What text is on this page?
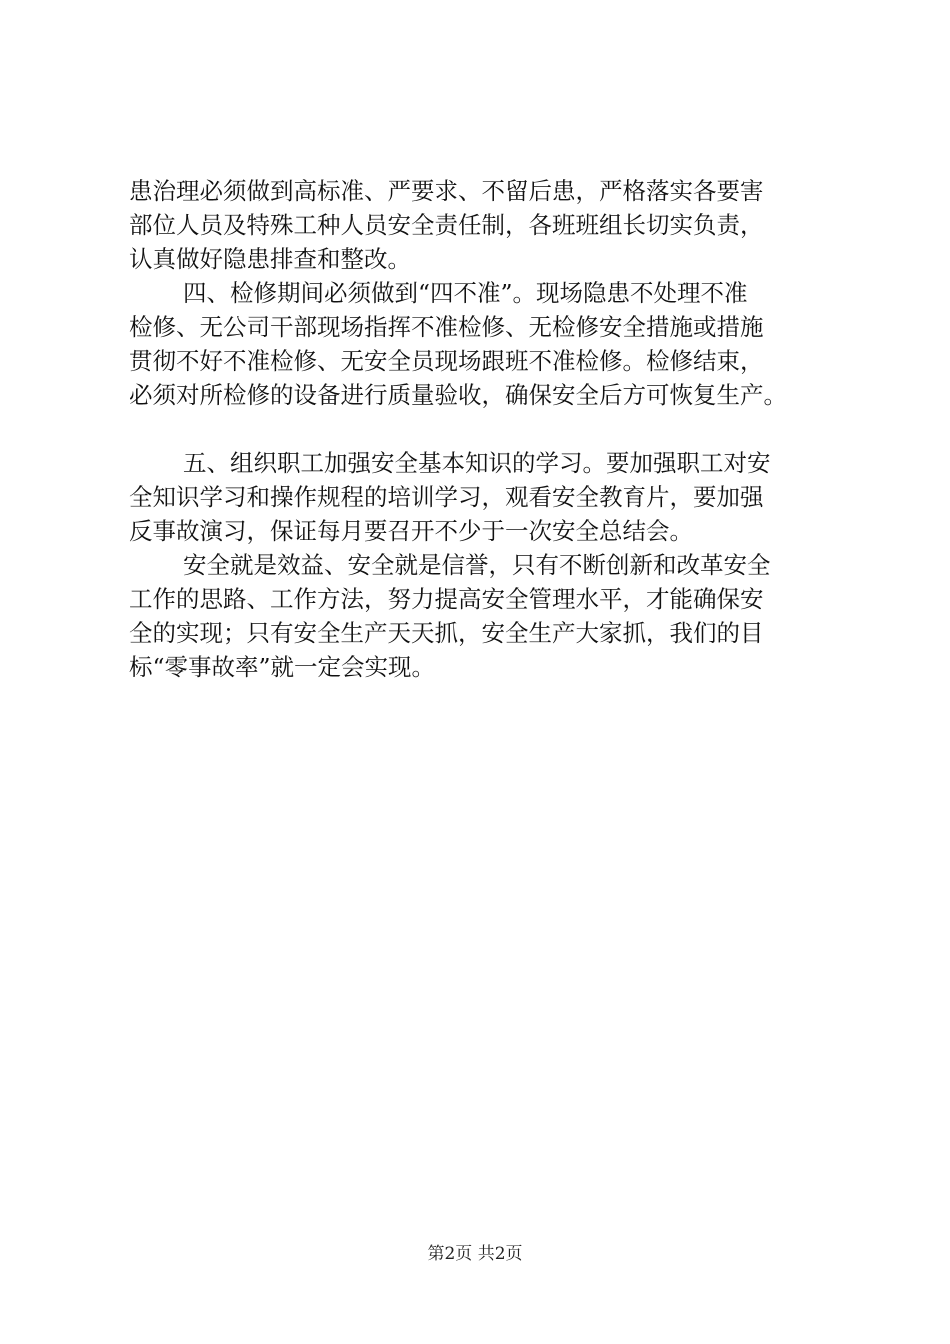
患治理必须做到高标准、严要求、不留后患，严格落实各要害
部位人员及特殊工种人员安全责任制，各班班组长切实负责，
认真做好隐患排查和整改。
四、检修期间必须做到“四不准”。现场隐患不处理不准
检修、无公司干部现场指挥不准检修、无检修安全措施或措施
贯彻不好不准检修、无安全员现场跟班不准检修。检修结束，
必须对所检修的设备进行质量验收，确保安全后方可恢复生产。
五、组织职工加强安全基本知识的学习。要加强职工对安
全知识学习和操作规程的培训学习，观看安全教育片，要加强
反事故演习，保证每月要召开不少于一次安全总结会。
安全就是效益、安全就是信誉，只有不断创新和改革安全
工作的思路、工作方法，努力提高安全管理水平，才能确保安
全的实现；只有安全生产天天抓，安全生产大家抓，我们的目
标“零事故率”就一定会实现。
第2页 共2页
